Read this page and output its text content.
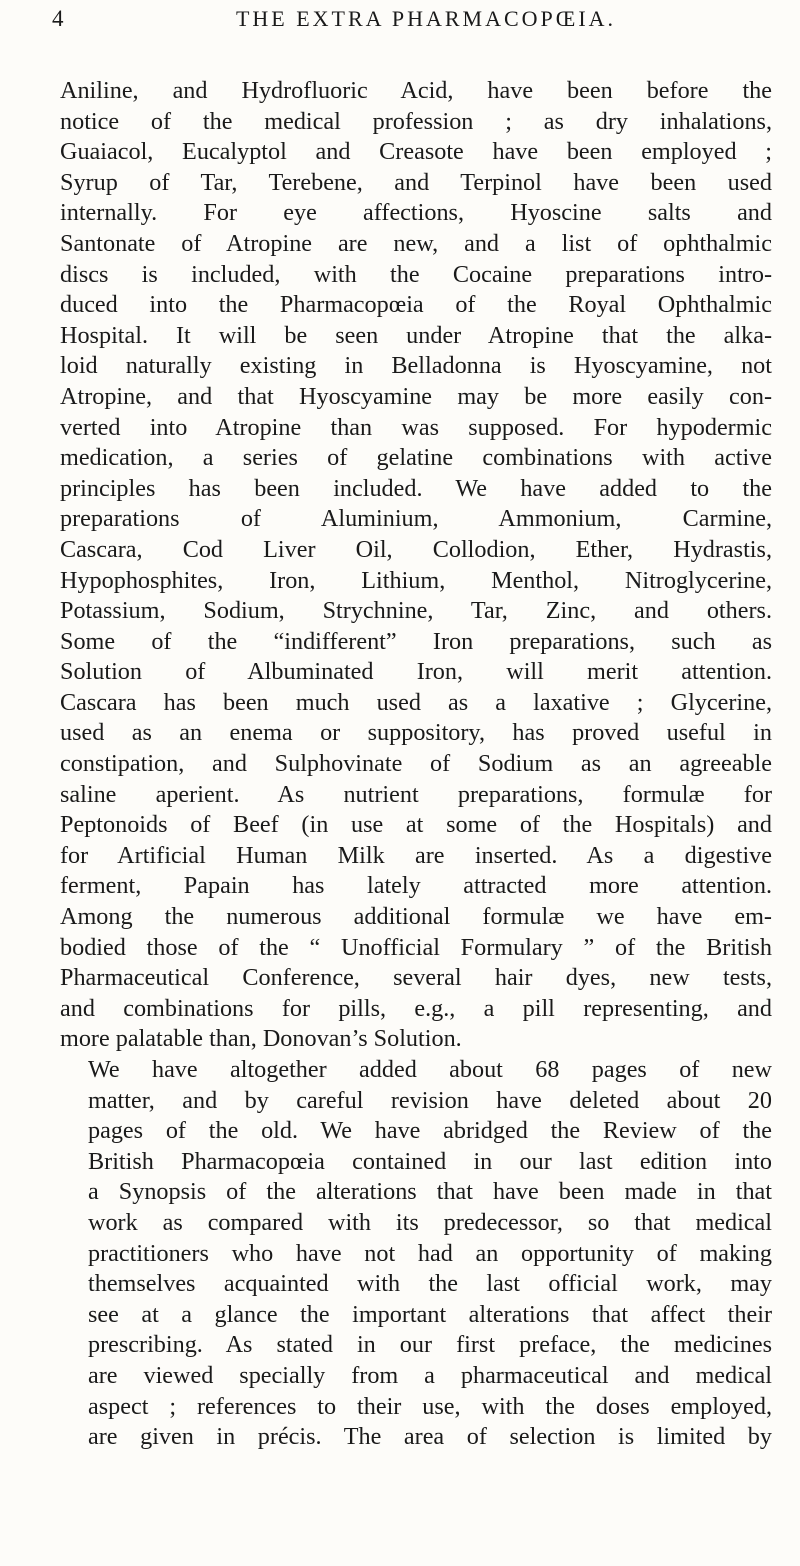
4	THE EXTRA PHARMACOPŒIA.
Aniline, and Hydrofluoric Acid, have been before the
notice of the medical profession ; as dry inhalations,
Guaiacol, Eucalyptol and Creasote have been employed ;
Syrup of Tar, Terebene, and Terpinol have been used
internally. For eye affections, Hyoscine salts and
Santonate of Atropine are new, and a list of ophthalmic
discs is included, with the Cocaine preparations intro-
duced into the Pharmacopœia of the Royal Ophthalmic
Hospital. It will be seen under Atropine that the alka-
loid naturally existing in Belladonna is Hyoscyamine, not
Atropine, and that Hyoscyamine may be more easily con-
verted into Atropine than was supposed. For hypodermic
medication, a series of gelatine combinations with active
principles has been included. We have added to the
preparations of Aluminium, Ammonium, Carmine,
Cascara, Cod Liver Oil, Collodion, Ether, Hydrastis,
Hypophosphites, Iron, Lithium, Menthol, Nitroglycerine,
Potassium, Sodium, Strychnine, Tar, Zinc, and others.
Some of the “indifferent” Iron preparations, such as
Solution of Albuminated Iron, will merit attention.
Cascara has been much used as a laxative ; Glycerine,
used as an enema or suppository, has proved useful in
constipation, and Sulphovinate of Sodium as an agreeable
saline aperient. As nutrient preparations, formulæ for
Peptonoids of Beef (in use at some of the Hospitals) and
for Artificial Human Milk are inserted. As a digestive
ferment, Papain has lately attracted more attention.
Among the numerous additional formulæ we have em-
bodied those of the “ Unofficial Formulary ” of the British
Pharmaceutical Conference, several hair dyes, new tests,
and combinations for pills, e.g., a pill representing, and
more palatable than, Donovan’s Solution.
We have altogether added about 68 pages of new
matter, and by careful revision have deleted about 20
pages of the old. We have abridged the Review of the
British Pharmacopœia contained in our last edition into
a Synopsis of the alterations that have been made in that
work as compared with its predecessor, so that medical
practitioners who have not had an opportunity of making
themselves acquainted with the last official work, may
see at a glance the important alterations that affect their
prescribing. As stated in our first preface, the medicines
are viewed specially from a pharmaceutical and medical
aspect ; references to their use, with the doses employed,
are given in précis. The area of selection is limited by
